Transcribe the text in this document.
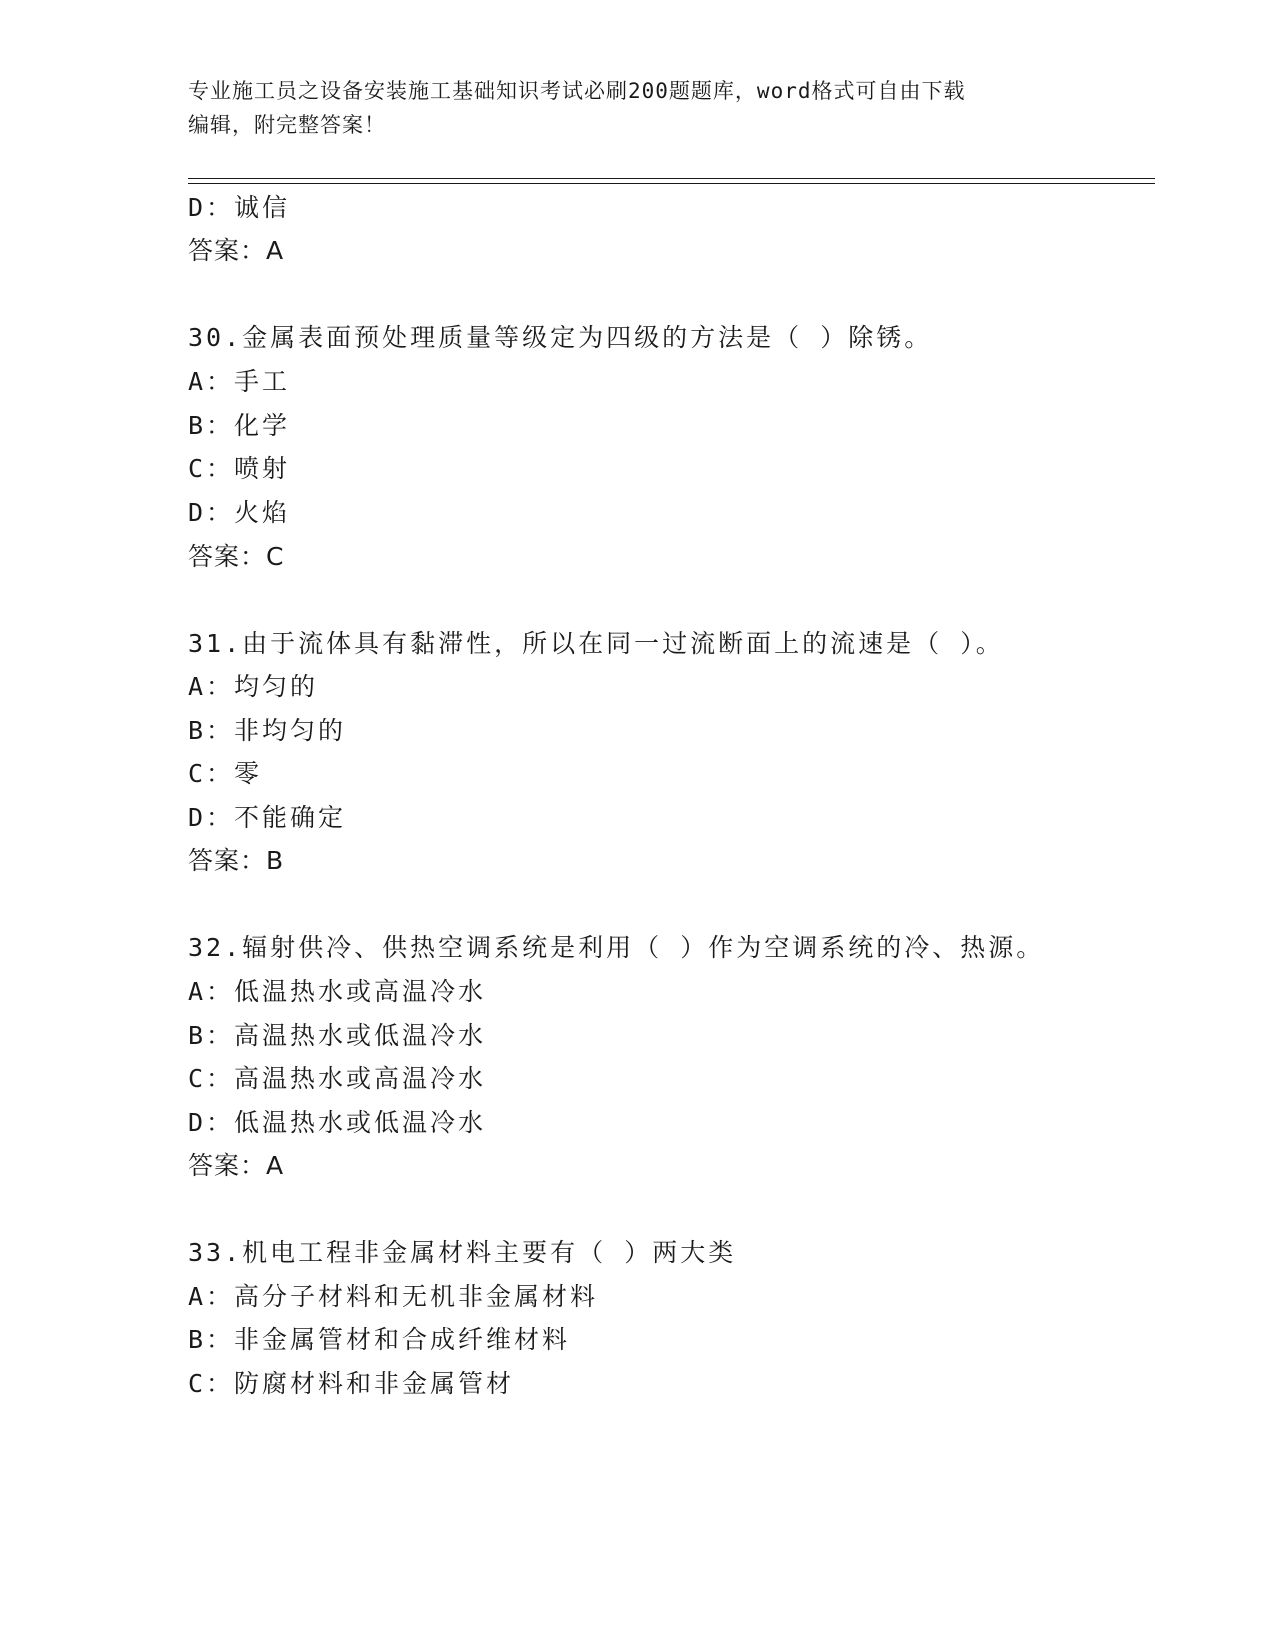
专业施工员之设备安装施工基础知识考试必刷200题题库，word格式可自由下载
编辑，附完整答案！
D：诚信
答案：A
30.金属表面预处理质量等级定为四级的方法是（ ）除锈。
A：手工
B：化学
C：喷射
D：火焰
答案：C
31.由于流体具有黏滞性，所以在同一过流断面上的流速是（ ）。
A：均匀的
B：非均匀的
C：零
D：不能确定
答案：B
32.辐射供冷、供热空调系统是利用（ ）作为空调系统的冷、热源。
A：低温热水或高温冷水
B：高温热水或低温冷水
C：高温热水或高温冷水
D：低温热水或低温冷水
答案：A
33.机电工程非金属材料主要有（ ）两大类
A：高分子材料和无机非金属材料
B：非金属管材和合成纤维材料
C：防腐材料和非金属管材
